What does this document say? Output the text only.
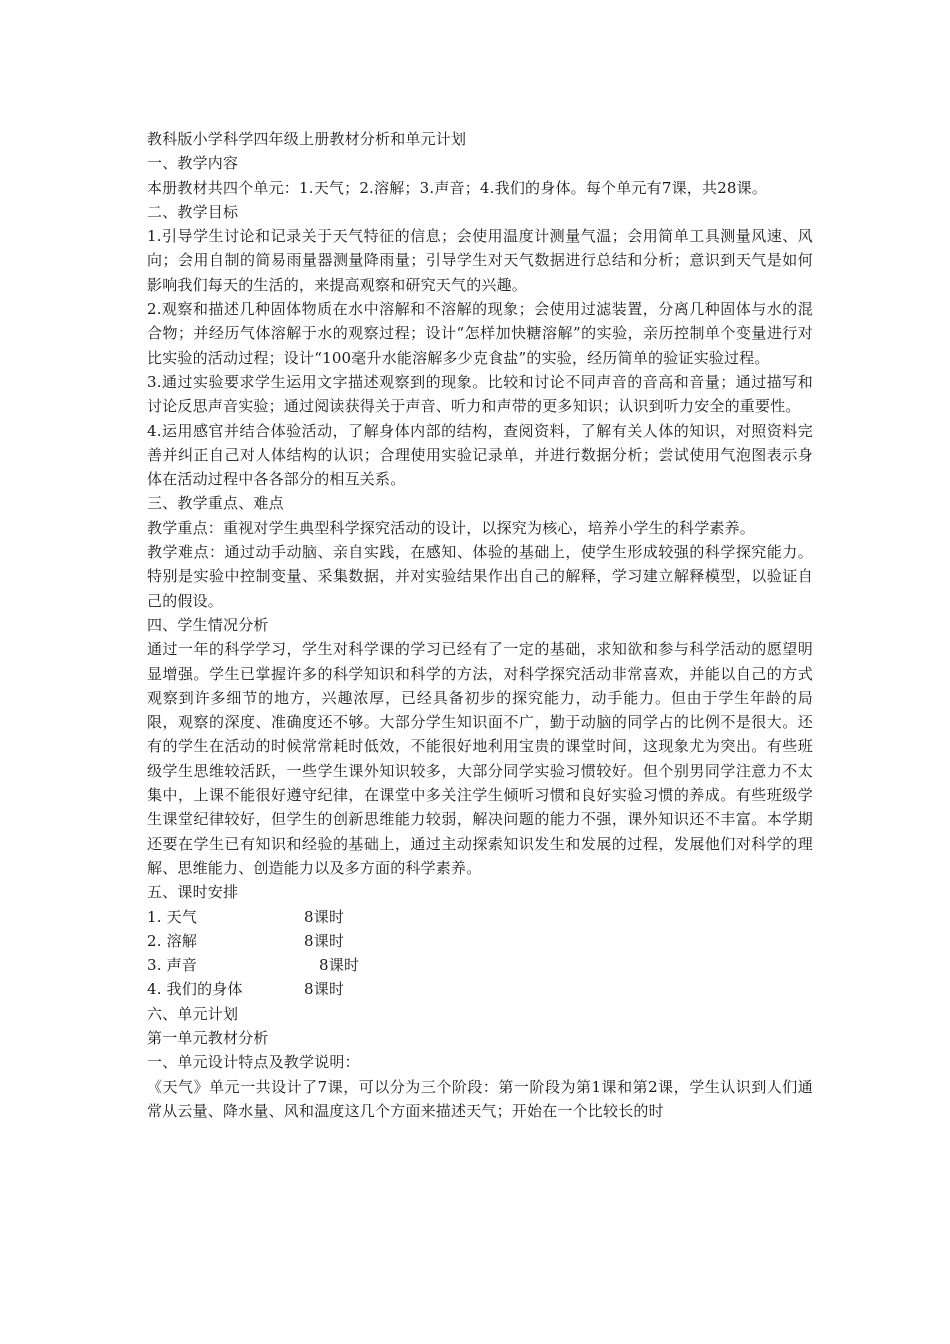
教科版小学科学四年级上册教材分析和单元计划
一、教学内容
本册教材共四个单元：1.天气；2.溶解；3.声音；4.我们的身体。每个单元有7课，共28课。
二、教学目标
1.引导学生讨论和记录关于天气特征的信息；会使用温度计测量气温；会用简单工具测量风速、风向；会用自制的简易雨量器测量降雨量；引导学生对天气数据进行总结和分析；意识到天气是如何影响我们每天的生活的，来提高观察和研究天气的兴趣。
2.观察和描述几种固体物质在水中溶解和不溶解的现象；会使用过滤装置，分离几种固体与水的混合物；并经历气体溶解于水的观察过程；设计“怎样加快糖溶解”的实验，亲历控制单个变量进行对比实验的活动过程；设计“100毫升水能溶解多少克食盐”的实验，经历简单的验证实验过程。
3.通过实验要求学生运用文字描述观察到的现象。比较和讨论不同声音的音高和音量；通过描写和讨论反思声音实验；通过阅读获得关于声音、听力和声带的更多知识；认识到听力安全的重要性。
4.运用感官并结合体验活动，了解身体内部的结构，查阅资料，了解有关人体的知识，对照资料完善并纠正自己对人体结构的认识；合理使用实验记录单，并进行数据分析；尝试使用气泡图表示身体在活动过程中各各部分的相互关系。
三、教学重点、难点
教学重点：重视对学生典型科学探究活动的设计，以探究为核心，培养小学生的科学素养。
教学难点：通过动手动脑、亲自实践，在感知、体验的基础上，使学生形成较强的科学探究能力。特别是实验中控制变量、采集数据，并对实验结果作出自己的解释，学习建立解释模型，以验证自己的假设。
四、学生情况分析
通过一年的科学学习，学生对科学课的学习已经有了一定的基础，求知欲和参与科学活动的愿望明显增强。学生已掌握许多的科学知识和科学的方法，对科学探究活动非常喜欢，并能以自己的方式观察到许多细节的地方，兴趣浓厚，已经具备初步的探究能力，动手能力。但由于学生年龄的局限，观察的深度、准确度还不够。大部分学生知识面不广，勤于动脑的同学占的比例不是很大。还有的学生在活动的时候常常耗时低效，不能很好地利用宝贵的课堂时间，这现象尤为突出。有些班级学生思维较活跃，一些学生课外知识较多，大部分同学实验习惯较好。但个别男同学注意力不太集中，上课不能很好遵守纪律，在课堂中多关注学生倾听习惯和良好实验习惯的养成。有些班级学生课堂纪律较好，但学生的创新思维能力较弱，解决问题的能力不强，课外知识还不丰富。本学期还要在学生已有知识和经验的基础上，通过主动探索知识发生和发展的过程，发展他们对科学的理解、思维能力、创造能力以及多方面的科学素养。
五、课时安排
1. 天气	8课时
2. 溶解	8课时
3. 声音	8课时
4. 我们的身体	8课时
六、单元计划
第一单元教材分析
一、单元设计特点及教学说明：
《天气》单元一共设计了7课，可以分为三个阶段：第一阶段为第1课和第2课，学生认识到人们通常从云量、降水量、风和温度这几个方面来描述天气；开始在一个比较长的时
